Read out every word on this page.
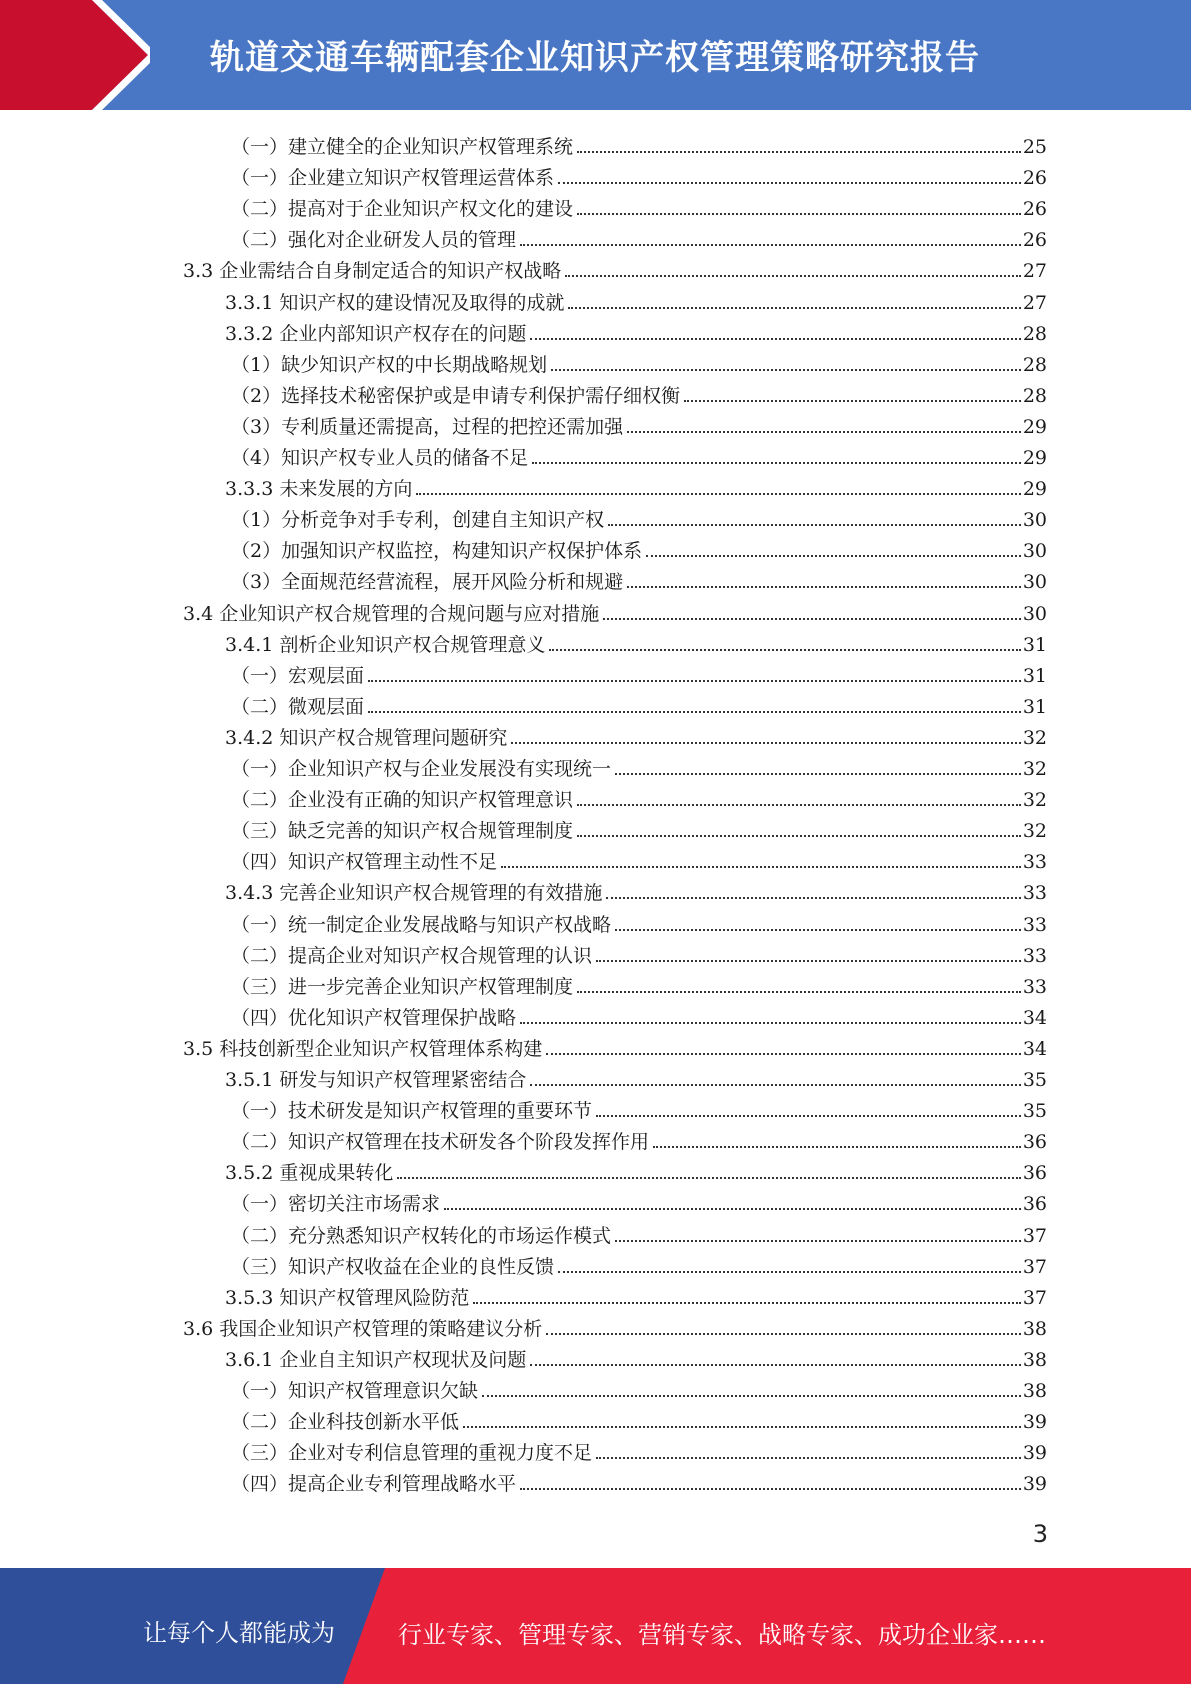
轨道交通车辆配套企业知识产权管理策略研究报告
（一）建立健全的企业知识产权管理系统	25
（一）企业建立知识产权管理运营体系	26
（二）提高对于企业知识产权文化的建设	26
（二）强化对企业研发人员的管理	26
3.3 企业需结合自身制定适合的知识产权战略	27
3.3.1 知识产权的建设情况及取得的成就	27
3.3.2 企业内部知识产权存在的问题	28
（1）缺少知识产权的中长期战略规划	28
（2）选择技术秘密保护或是申请专利保护需仔细权衡	28
（3）专利质量还需提高，过程的把控还需加强	29
（4）知识产权专业人员的储备不足	29
3.3.3 未来发展的方向	29
（1）分析竞争对手专利，创建自主知识产权	30
（2）加强知识产权监控，构建知识产权保护体系	30
（3）全面规范经营流程，展开风险分析和规避	30
3.4 企业知识产权合规管理的合规问题与应对措施	30
3.4.1 剖析企业知识产权合规管理意义	31
（一）宏观层面	31
（二）微观层面	31
3.4.2 知识产权合规管理问题研究	32
（一）企业知识产权与企业发展没有实现统一	32
（二）企业没有正确的知识产权管理意识	32
（三）缺乏完善的知识产权合规管理制度	32
（四）知识产权管理主动性不足	33
3.4.3 完善企业知识产权合规管理的有效措施	33
（一）统一制定企业发展战略与知识产权战略	33
（二）提高企业对知识产权合规管理的认识	33
（三）进一步完善企业知识产权管理制度	33
（四）优化知识产权管理保护战略	34
3.5 科技创新型企业知识产权管理体系构建	34
3.5.1 研发与知识产权管理紧密结合	35
（一）技术研发是知识产权管理的重要环节	35
（二）知识产权管理在技术研发各个阶段发挥作用	36
3.5.2 重视成果转化	36
（一）密切关注市场需求	36
（二）充分熟悉知识产权转化的市场运作模式	37
（三）知识产权收益在企业的良性反馈	37
3.5.3 知识产权管理风险防范	37
3.6 我国企业知识产权管理的策略建议分析	38
3.6.1 企业自主知识产权现状及问题	38
（一）知识产权管理意识欠缺	38
（二）企业科技创新水平低	39
（三）企业对专利信息管理的重视力度不足	39
（四）提高企业专利管理战略水平	39
3
让每个人都能成为	行业专家、管理专家、营销专家、战略专家、成功企业家……
